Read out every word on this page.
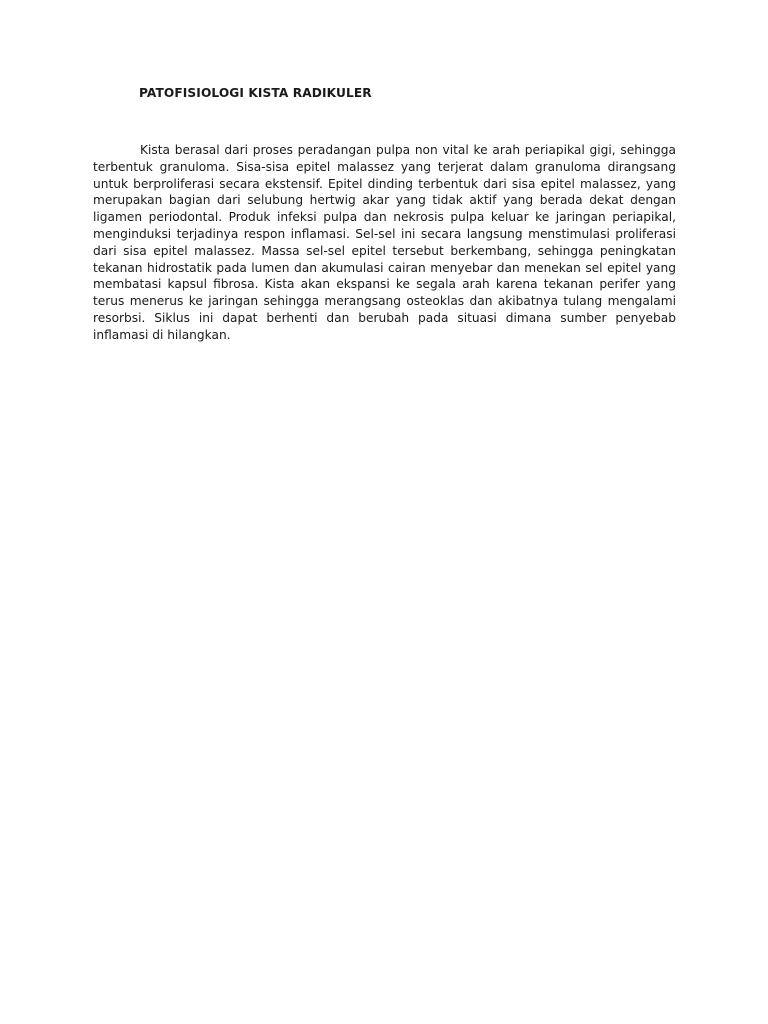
PATOFISIOLOGI KISTA RADIKULER

Kista berasal dari proses peradangan pulpa non vital ke arah periapikal gigi, sehingga terbentuk granuloma. Sisa-sisa epitel malassez yang terjerat dalam granuloma dirangsang untuk berproliferasi secara ekstensif. Epitel dinding terbentuk dari sisa epitel malassez, yang merupakan bagian dari selubung hertwig akar yang tidak aktif yang berada dekat dengan ligamen periodontal. Produk infeksi pulpa dan nekrosis pulpa keluar ke jaringan periapikal, menginduksi terjadinya respon inflamasi. Sel-sel ini secara langsung menstimulasi proliferasi dari sisa epitel malassez. Massa sel-sel epitel tersebut berkembang, sehingga peningkatan tekanan hidrostatik pada lumen dan akumulasi cairan menyebar dan menekan sel epitel yang membatasi kapsul fibrosa. Kista akan ekspansi ke segala arah karena tekanan perifer yang terus menerus ke jaringan sehingga merangsang osteoklas dan akibatnya tulang mengalami resorbsi. Siklus ini dapat berhenti dan berubah pada situasi dimana sumber penyebab inflamasi di hilangkan.
